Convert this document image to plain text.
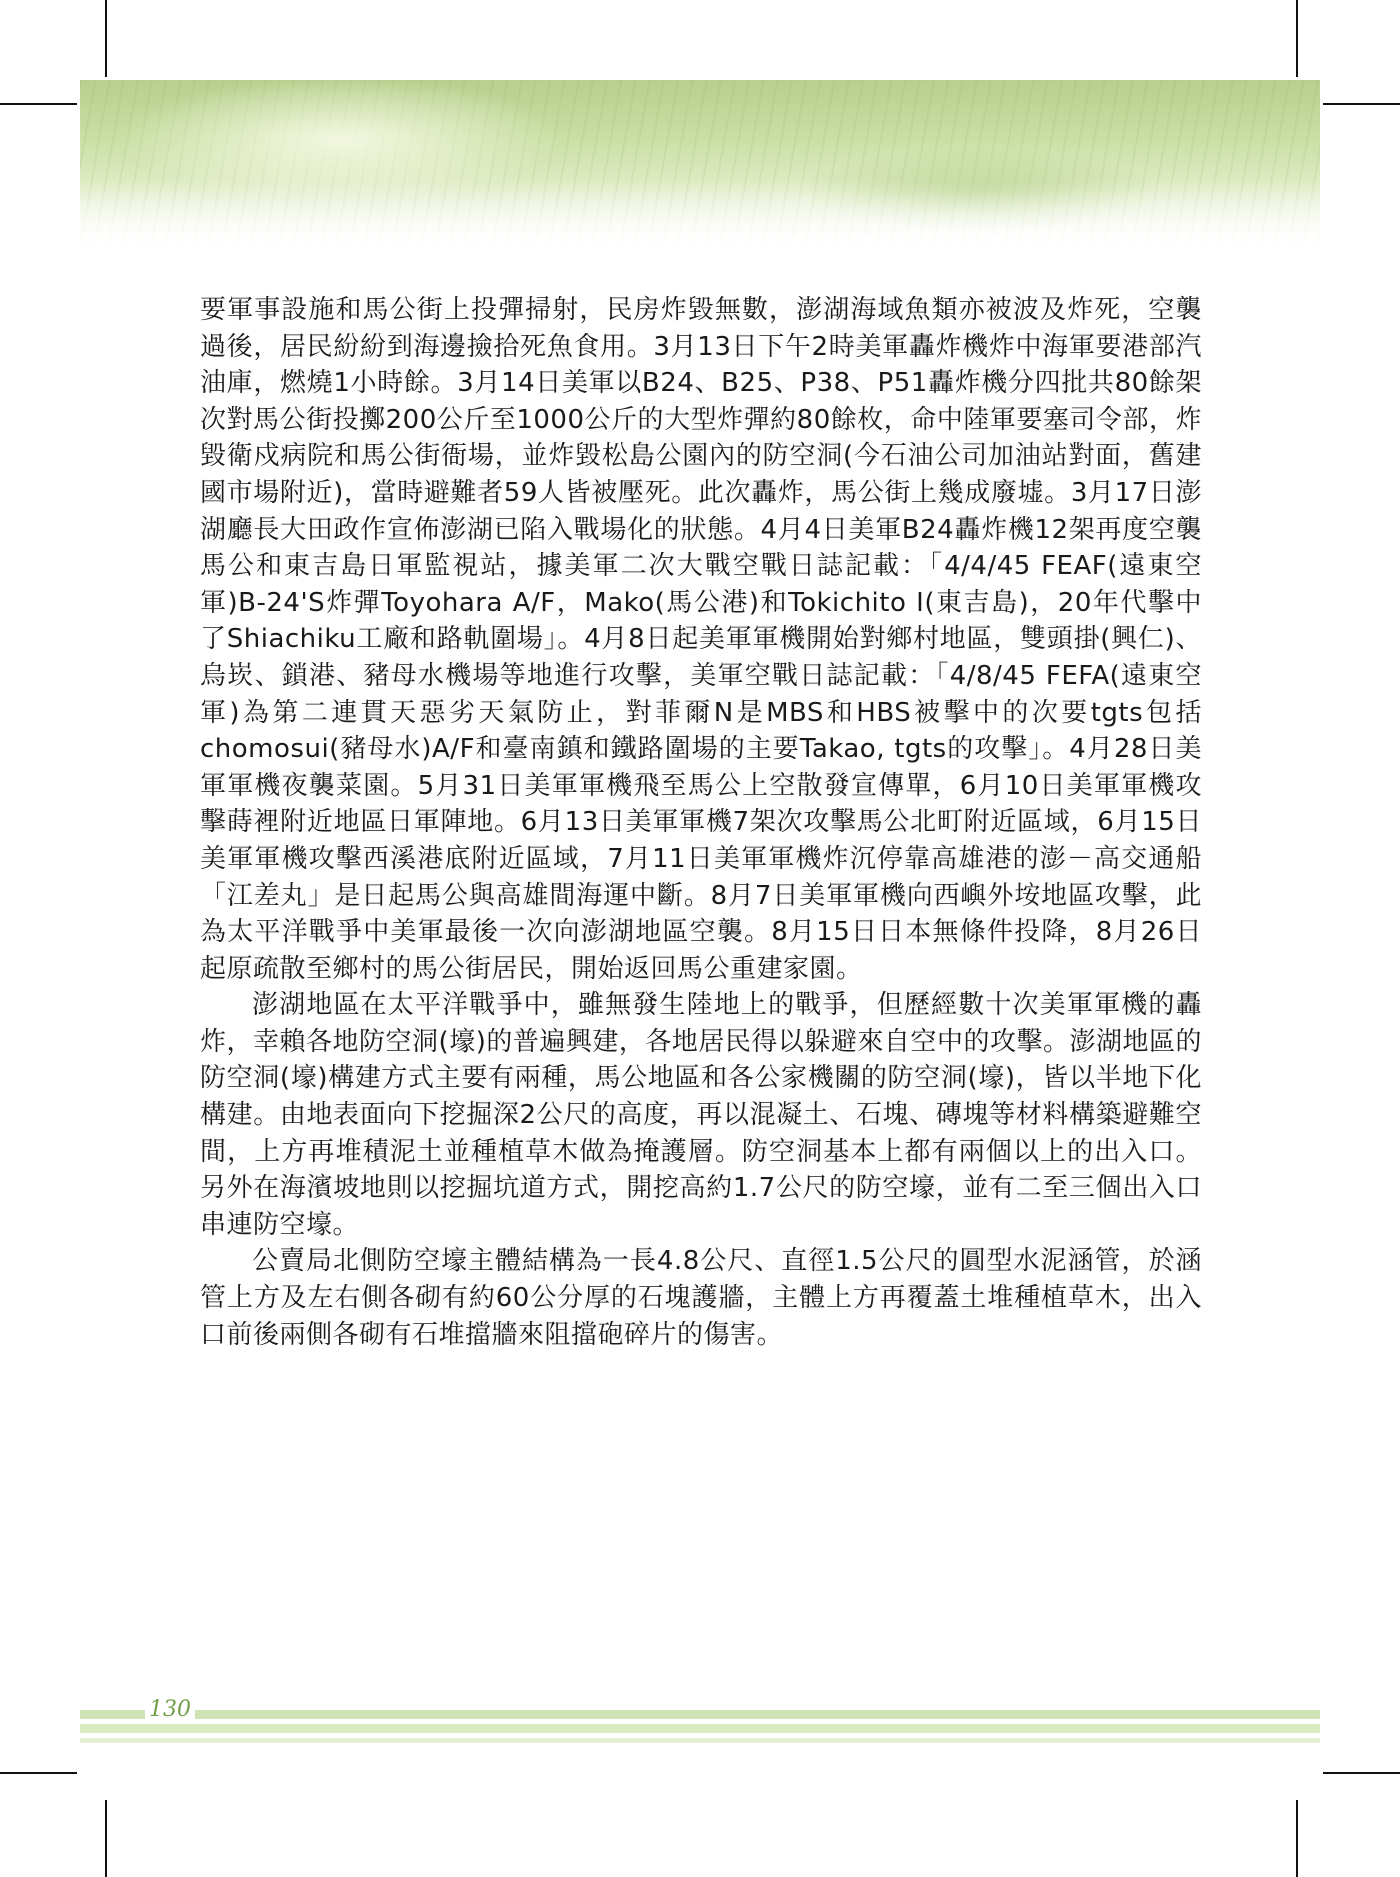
要軍事設施和馬公街上投彈掃射，民房炸毀無數，澎湖海域魚類亦被波及炸死，空襲過後，居民紛紛到海邊撿拾死魚食用。3月13日下午2時美軍轟炸機炸中海軍要港部汽油庫，燃燒1小時餘。3月14日美軍以B24、B25、P38、P51轟炸機分四批共80餘架次對馬公街投擲200公斤至1000公斤的大型炸彈約80餘枚，命中陸軍要塞司令部，炸毀衛戍病院和馬公街衙場，並炸毀松島公園內的防空洞(今石油公司加油站對面，舊建國市場附近)，當時避難者59人皆被壓死。此次轟炸，馬公街上幾成廢墟。3月17日澎湖廳長大田政作宣佈澎湖已陷入戰場化的狀態。4月4日美軍B24轟炸機12架再度空襲馬公和東吉島日軍監視站，據美軍二次大戰空戰日誌記載：「4/4/45 FEAF(遠東空軍)B-24'S炸彈Toyohara A/F，Mako(馬公港)和Tokichito I(東吉島)，20年代擊中了Shiachiku工廠和路軌圍場」。4月8日起美軍軍機開始對鄉村地區，雙頭掛(興仁)、烏崁、鎖港、豬母水機場等地進行攻擊，美軍空戰日誌記載：「4/8/45 FEFA(遠東空軍)為第二連貫天惡劣天氣防止，對菲爾N是MBS和HBS被擊中的次要tgts包括chomosui(豬母水)A/F和臺南鎮和鐵路圍場的主要Takao, tgts的攻擊」。4月28日美軍軍機夜襲菜園。5月31日美軍軍機飛至馬公上空散發宣傳單，6月10日美軍軍機攻擊蒔裡附近地區日軍陣地。6月13日美軍軍機7架次攻擊馬公北町附近區域，6月15日美軍軍機攻擊西溪港底附近區域，7月11日美軍軍機炸沉停靠高雄港的澎－高交通船「江差丸」是日起馬公與高雄間海運中斷。8月7日美軍軍機向西嶼外垵地區攻擊，此為太平洋戰爭中美軍最後一次向澎湖地區空襲。8月15日日本無條件投降，8月26日起原疏散至鄉村的馬公街居民，開始返回馬公重建家園。

澎湖地區在太平洋戰爭中，雖無發生陸地上的戰爭，但歷經數十次美軍軍機的轟炸，幸賴各地防空洞(壕)的普遍興建，各地居民得以躲避來自空中的攻擊。澎湖地區的防空洞(壕)構建方式主要有兩種，馬公地區和各公家機關的防空洞(壕)，皆以半地下化構建。由地表面向下挖掘深2公尺的高度，再以混凝土、石塊、磚塊等材料構築避難空間，上方再堆積泥土並種植草木做為掩護層。防空洞基本上都有兩個以上的出入口。另外在海濱坡地則以挖掘坑道方式，開挖高約1.7公尺的防空壕，並有二至三個出入口串連防空壕。

公賣局北側防空壕主體結構為一長4.8公尺、直徑1.5公尺的圓型水泥涵管，於涵管上方及左右側各砌有約60公分厚的石塊護牆，主體上方再覆蓋土堆種植草木，出入口前後兩側各砌有石堆擋牆來阻擋砲碎片的傷害。

130
